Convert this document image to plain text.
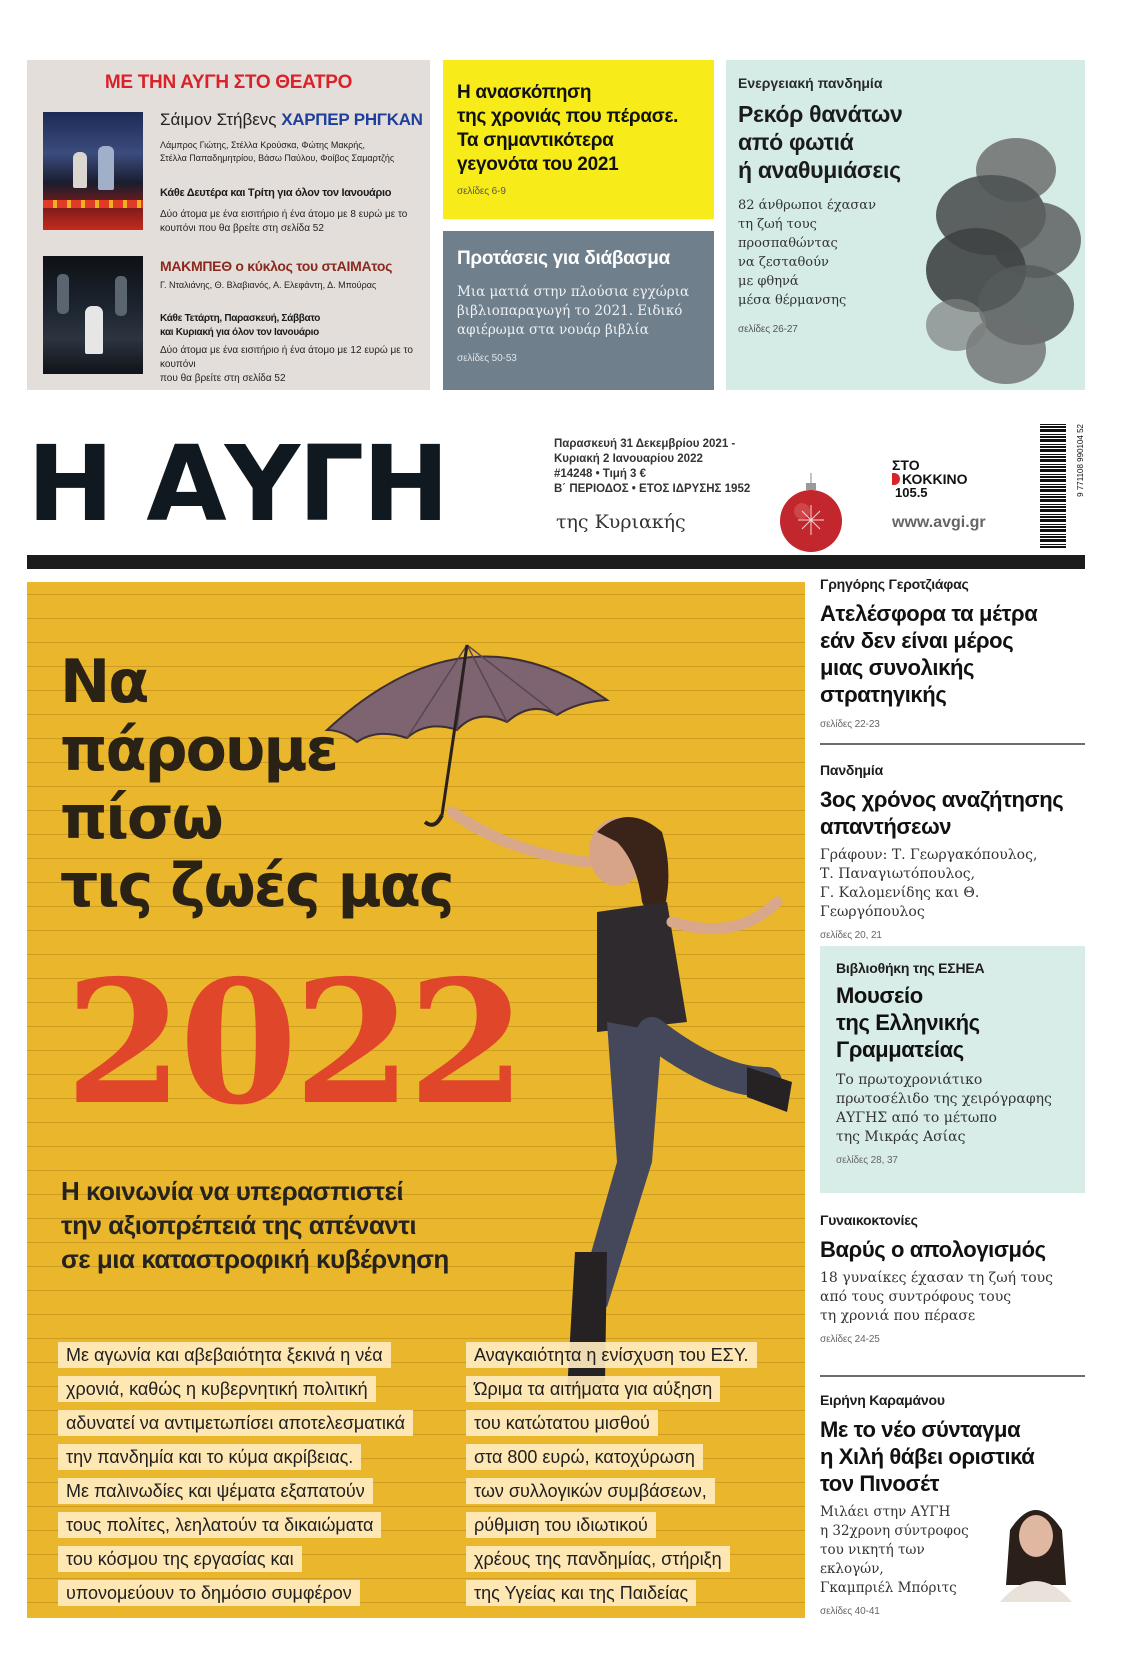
ΜΕ ΤΗΝ ΑΥΓΗ ΣΤΟ ΘΕΑΤΡΟ
Σάιμον Στήβενς ΧΑΡΠΕΡ ΡΗΓΚΑΝ
Λάμπρος Γιώτης, Στέλλα Κρούσκα, Φώτης Μακρής,
Στέλλα Παπαδημητρίου, Βάσω Παύλου, Φοίβος Σαμαρτζής
Κάθε Δευτέρα και Τρίτη για όλον τον Ιανουάριο
Δύο άτομα με ένα εισιτήριο ή ένα άτομο με 8 ευρώ με το
κουπόνι που θα βρείτε στη σελίδα 52
ΜΑΚΜΠΕΘ ο κύκλος του στΑΙΜΑτος
Γ. Νταλιάνης, Θ. Βλαβιανός, Α. Ελεφάντη, Δ. Μπούρας
Κάθε Τετάρτη, Παρασκευή, Σάββατο
και Κυριακή για όλον τον Ιανουάριο
Δύο άτομα με ένα εισιτήριο ή ένα άτομο με 12 ευρώ με το κουπόνι
που θα βρείτε στη σελίδα 52
Η ανασκόπηση
της χρονιάς που πέρασε.
Τα σημαντικότερα
γεγονότα του 2021
σελίδες 6-9
Προτάσεις για διάβασμα
Μια ματιά στην πλούσια εγχώρια
βιβλιοπαραγωγή το 2021. Ειδικό
αφιέρωμα στα νουάρ βιβλία
σελίδες 50-53
Ενεργειακή πανδημία
Ρεκόρ θανάτων
από φωτιά
ή αναθυμιάσεις
82 άνθρωποι έχασαν
τη ζωή τους
προσπαθώντας
να ζεσταθούν
με φθηνά
μέσα θέρμανσης
σελίδες 26-27
Η ΑΥΓΗ	Παρασκευή 31 Δεκεμβρίου 2021 -
Κυριακή 2 Ιανουαρίου 2022
#14248 • Τιμή 3 €
Β΄ ΠΕΡΙΟΔΟΣ • ΕΤΟΣ ΙΔΡΥΣΗΣ 1952
της Κυριακής
ΣΤΟ
ΚΟΚΚΙΝΟ
105.5
www.avgi.gr
9 771108 990104 52
Να
πάρουμε
πίσω
τις ζωές μας
2022
Η κοινωνία να υπερασπιστεί
την αξιοπρέπειά της απέναντι
σε μια καταστροφική κυβέρνηση
Με αγωνία και αβεβαιότητα ξεκινά η νέα
χρονιά, καθώς η κυβερνητική πολιτική
αδυνατεί να αντιμετωπίσει αποτελεσματικά
την πανδημία και το κύμα ακρίβειας.
Με παλινωδίες και ψέματα εξαπατούν
τους πολίτες, λεηλατούν τα δικαιώματα
του κόσμου της εργασίας και
υπονομεύουν το δημόσιο συμφέρον
Αναγκαιότητα η ενίσχυση του ΕΣΥ.
Ώριμα τα αιτήματα για αύξηση
του κατώτατου μισθού
στα 800 ευρώ, κατοχύρωση
των συλλογικών συμβάσεων,
ρύθμιση του ιδιωτικού
χρέους της πανδημίας, στήριξη
της Υγείας και της Παιδείας
Γρηγόρης Γεροτζιάφας
Ατελέσφορα τα μέτρα
εάν δεν είναι μέρος
μιας συνολικής
στρατηγικής
σελίδες 22-23
Πανδημία
3ος χρόνος αναζήτησης
απαντήσεων
Γράφουν: Τ. Γεωργακόπουλος,
Τ. Παναγιωτόπουλος,
Γ. Καλομενίδης και Θ. Γεωργόπουλος
σελίδες 20, 21
Βιβλιοθήκη της ΕΣΗΕΑ
Μουσείο
της Ελληνικής
Γραμματείας
Το πρωτοχρονιάτικο
πρωτοσέλιδο της χειρόγραφης
ΑΥΓΗΣ από το μέτωπο
της Μικράς Ασίας
σελίδες 28, 37
Γυναικοκτονίες
Βαρύς ο απολογισμός
18 γυναίκες έχασαν τη ζωή τους
από τους συντρόφους τους
τη χρονιά που πέρασε
σελίδες 24-25
Ειρήνη Καραμάνου
Με το νέο σύνταγμα
η Χιλή θάβει οριστικά
τον Πινοσέτ
Μιλάει στην ΑΥΓΗ
η 32χρονη σύντροφος
του νικητή των εκλογών,
Γκαμπριέλ Μπόριτς
σελίδες 40-41
